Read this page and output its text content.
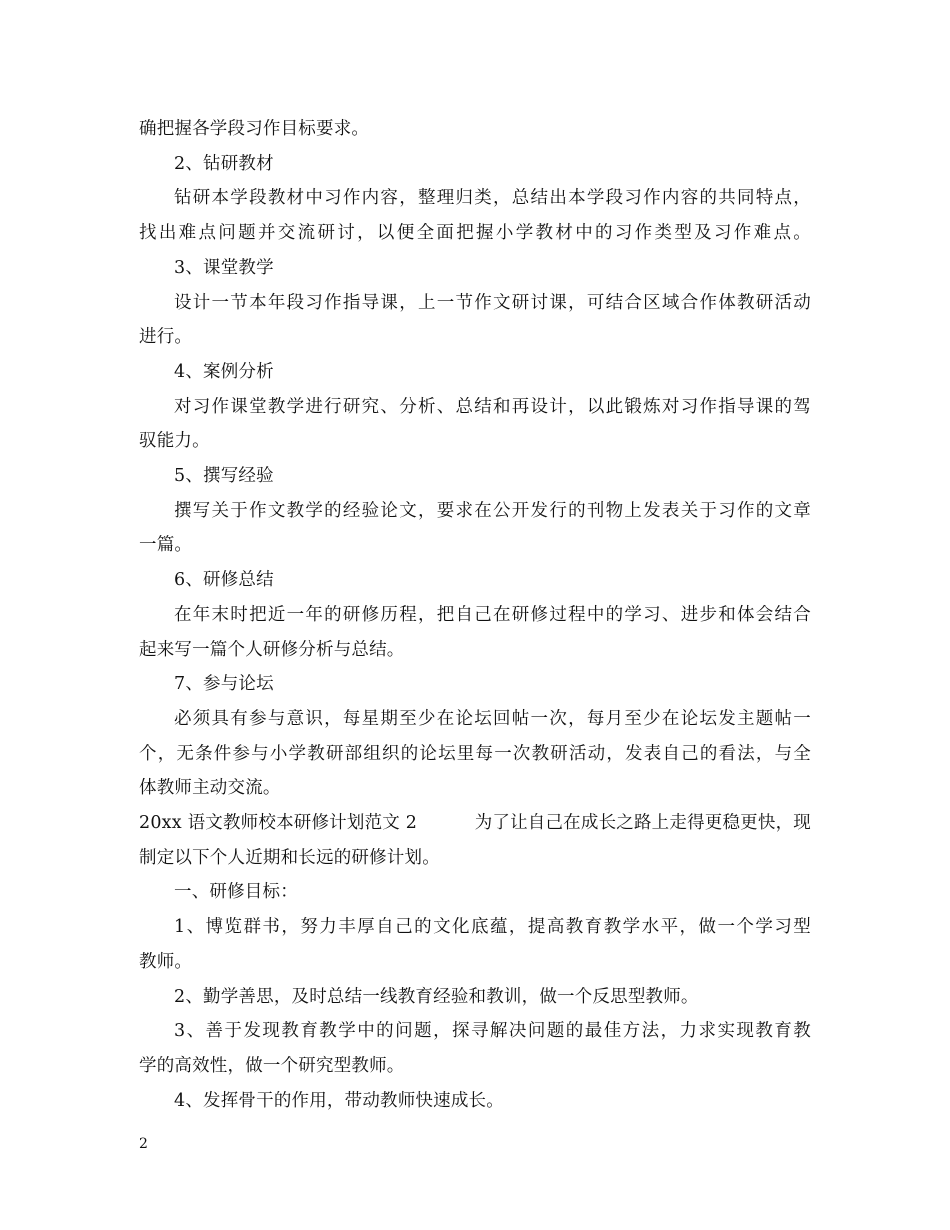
确把握各学段习作目标要求。
2、钻研教材
钻研本学段教材中习作内容，整理归类，总结出本学段习作内容的共同特点，
找出难点问题并交流研讨，以便全面把握小学教材中的习作类型及习作难点。
3、课堂教学
设计一节本年段习作指导课，上一节作文研讨课，可结合区域合作体教研活动
进行。
4、案例分析
对习作课堂教学进行研究、分析、总结和再设计，以此锻炼对习作指导课的驾
驭能力。
5、撰写经验
撰写关于作文教学的经验论文，要求在公开发行的刊物上发表关于习作的文章
一篇。
6、研修总结
在年末时把近一年的研修历程，把自己在研修过程中的学习、进步和体会结合
起来写一篇个人研修分析与总结。
7、参与论坛
必须具有参与意识，每星期至少在论坛回帖一次，每月至少在论坛发主题帖一
个，无条件参与小学教研部组织的论坛里每一次教研活动，发表自己的看法，与全
体教师主动交流。
20xx 语文教师校本研修计划范文 2	为了让自己在成长之路上走得更稳更快，现
制定以下个人近期和长远的研修计划。
一、研修目标：
1、博览群书，努力丰厚自己的文化底蕴，提高教育教学水平，做一个学习型
教师。
2、勤学善思，及时总结一线教育经验和教训，做一个反思型教师。
3、善于发现教育教学中的问题，探寻解决问题的最佳方法，力求实现教育教
学的高效性，做一个研究型教师。
4、发挥骨干的作用，带动教师快速成长。
2
